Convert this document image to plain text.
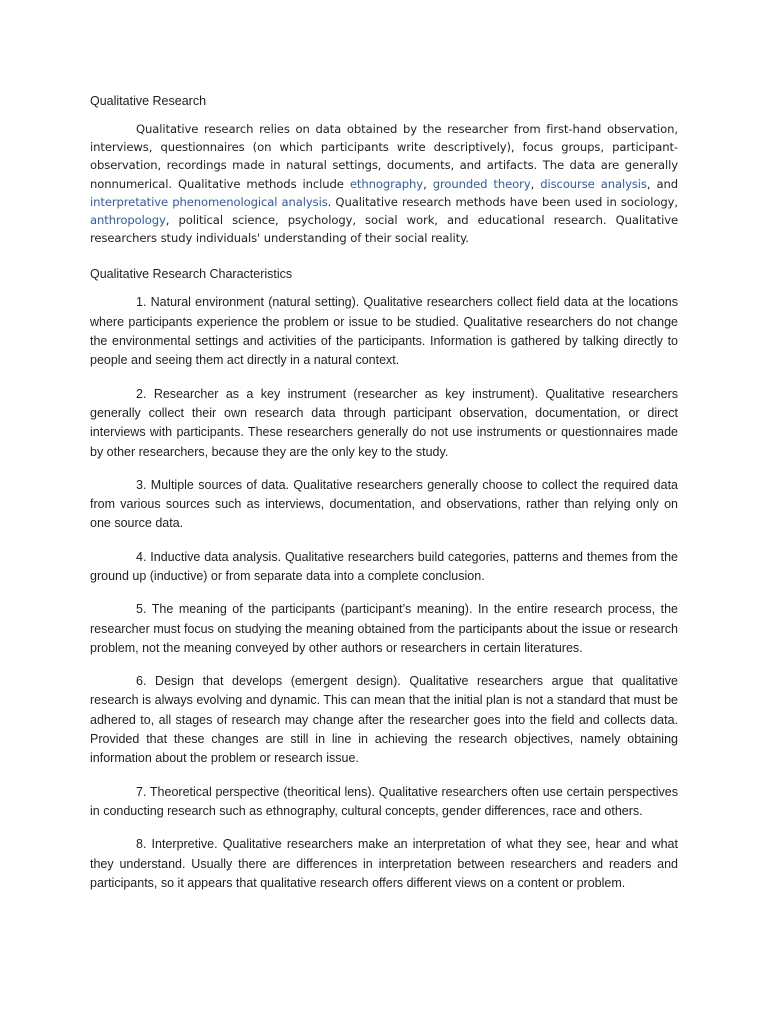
Qualitative Research

Qualitative research relies on data obtained by the researcher from first-hand observation, interviews, questionnaires (on which participants write descriptively), focus groups, participant-observation, recordings made in natural settings, documents, and artifacts. The data are generally nonnumerical. Qualitative methods include ethnography, grounded theory, discourse analysis, and interpretative phenomenological analysis. Qualitative research methods have been used in sociology, anthropology, political science, psychology, social work, and educational research. Qualitative researchers study individuals' understanding of their social reality.

Qualitative Research Characteristics

1. Natural environment (natural setting). Qualitative researchers collect field data at the locations where participants experience the problem or issue to be studied. Qualitative researchers do not change the environmental settings and activities of the participants. Information is gathered by talking directly to people and seeing them act directly in a natural context.

2. Researcher as a key instrument (researcher as key instrument). Qualitative researchers generally collect their own research data through participant observation, documentation, or direct interviews with participants. These researchers generally do not use instruments or questionnaires made by other researchers, because they are the only key to the study.

3. Multiple sources of data. Qualitative researchers generally choose to collect the required data from various sources such as interviews, documentation, and observations, rather than relying only on one source data.

4. Inductive data analysis. Qualitative researchers build categories, patterns and themes from the ground up (inductive) or from separate data into a complete conclusion.

5. The meaning of the participants (participant’s meaning). In the entire research process, the researcher must focus on studying the meaning obtained from the participants about the issue or research problem, not the meaning conveyed by other authors or researchers in certain literatures.

6. Design that develops (emergent design). Qualitative researchers argue that qualitative research is always evolving and dynamic. This can mean that the initial plan is not a standard that must be adhered to, all stages of research may change after the researcher goes into the field and collects data. Provided that these changes are still in line in achieving the research objectives, namely obtaining information about the problem or research issue.

7. Theoretical perspective (theoritical lens). Qualitative researchers often use certain perspectives in conducting research such as ethnography, cultural concepts, gender differences, race and others.

8. Interpretive. Qualitative researchers make an interpretation of what they see, hear and what they understand. Usually there are differences in interpretation between researchers and readers and participants, so it appears that qualitative research offers different views on a content or problem.
